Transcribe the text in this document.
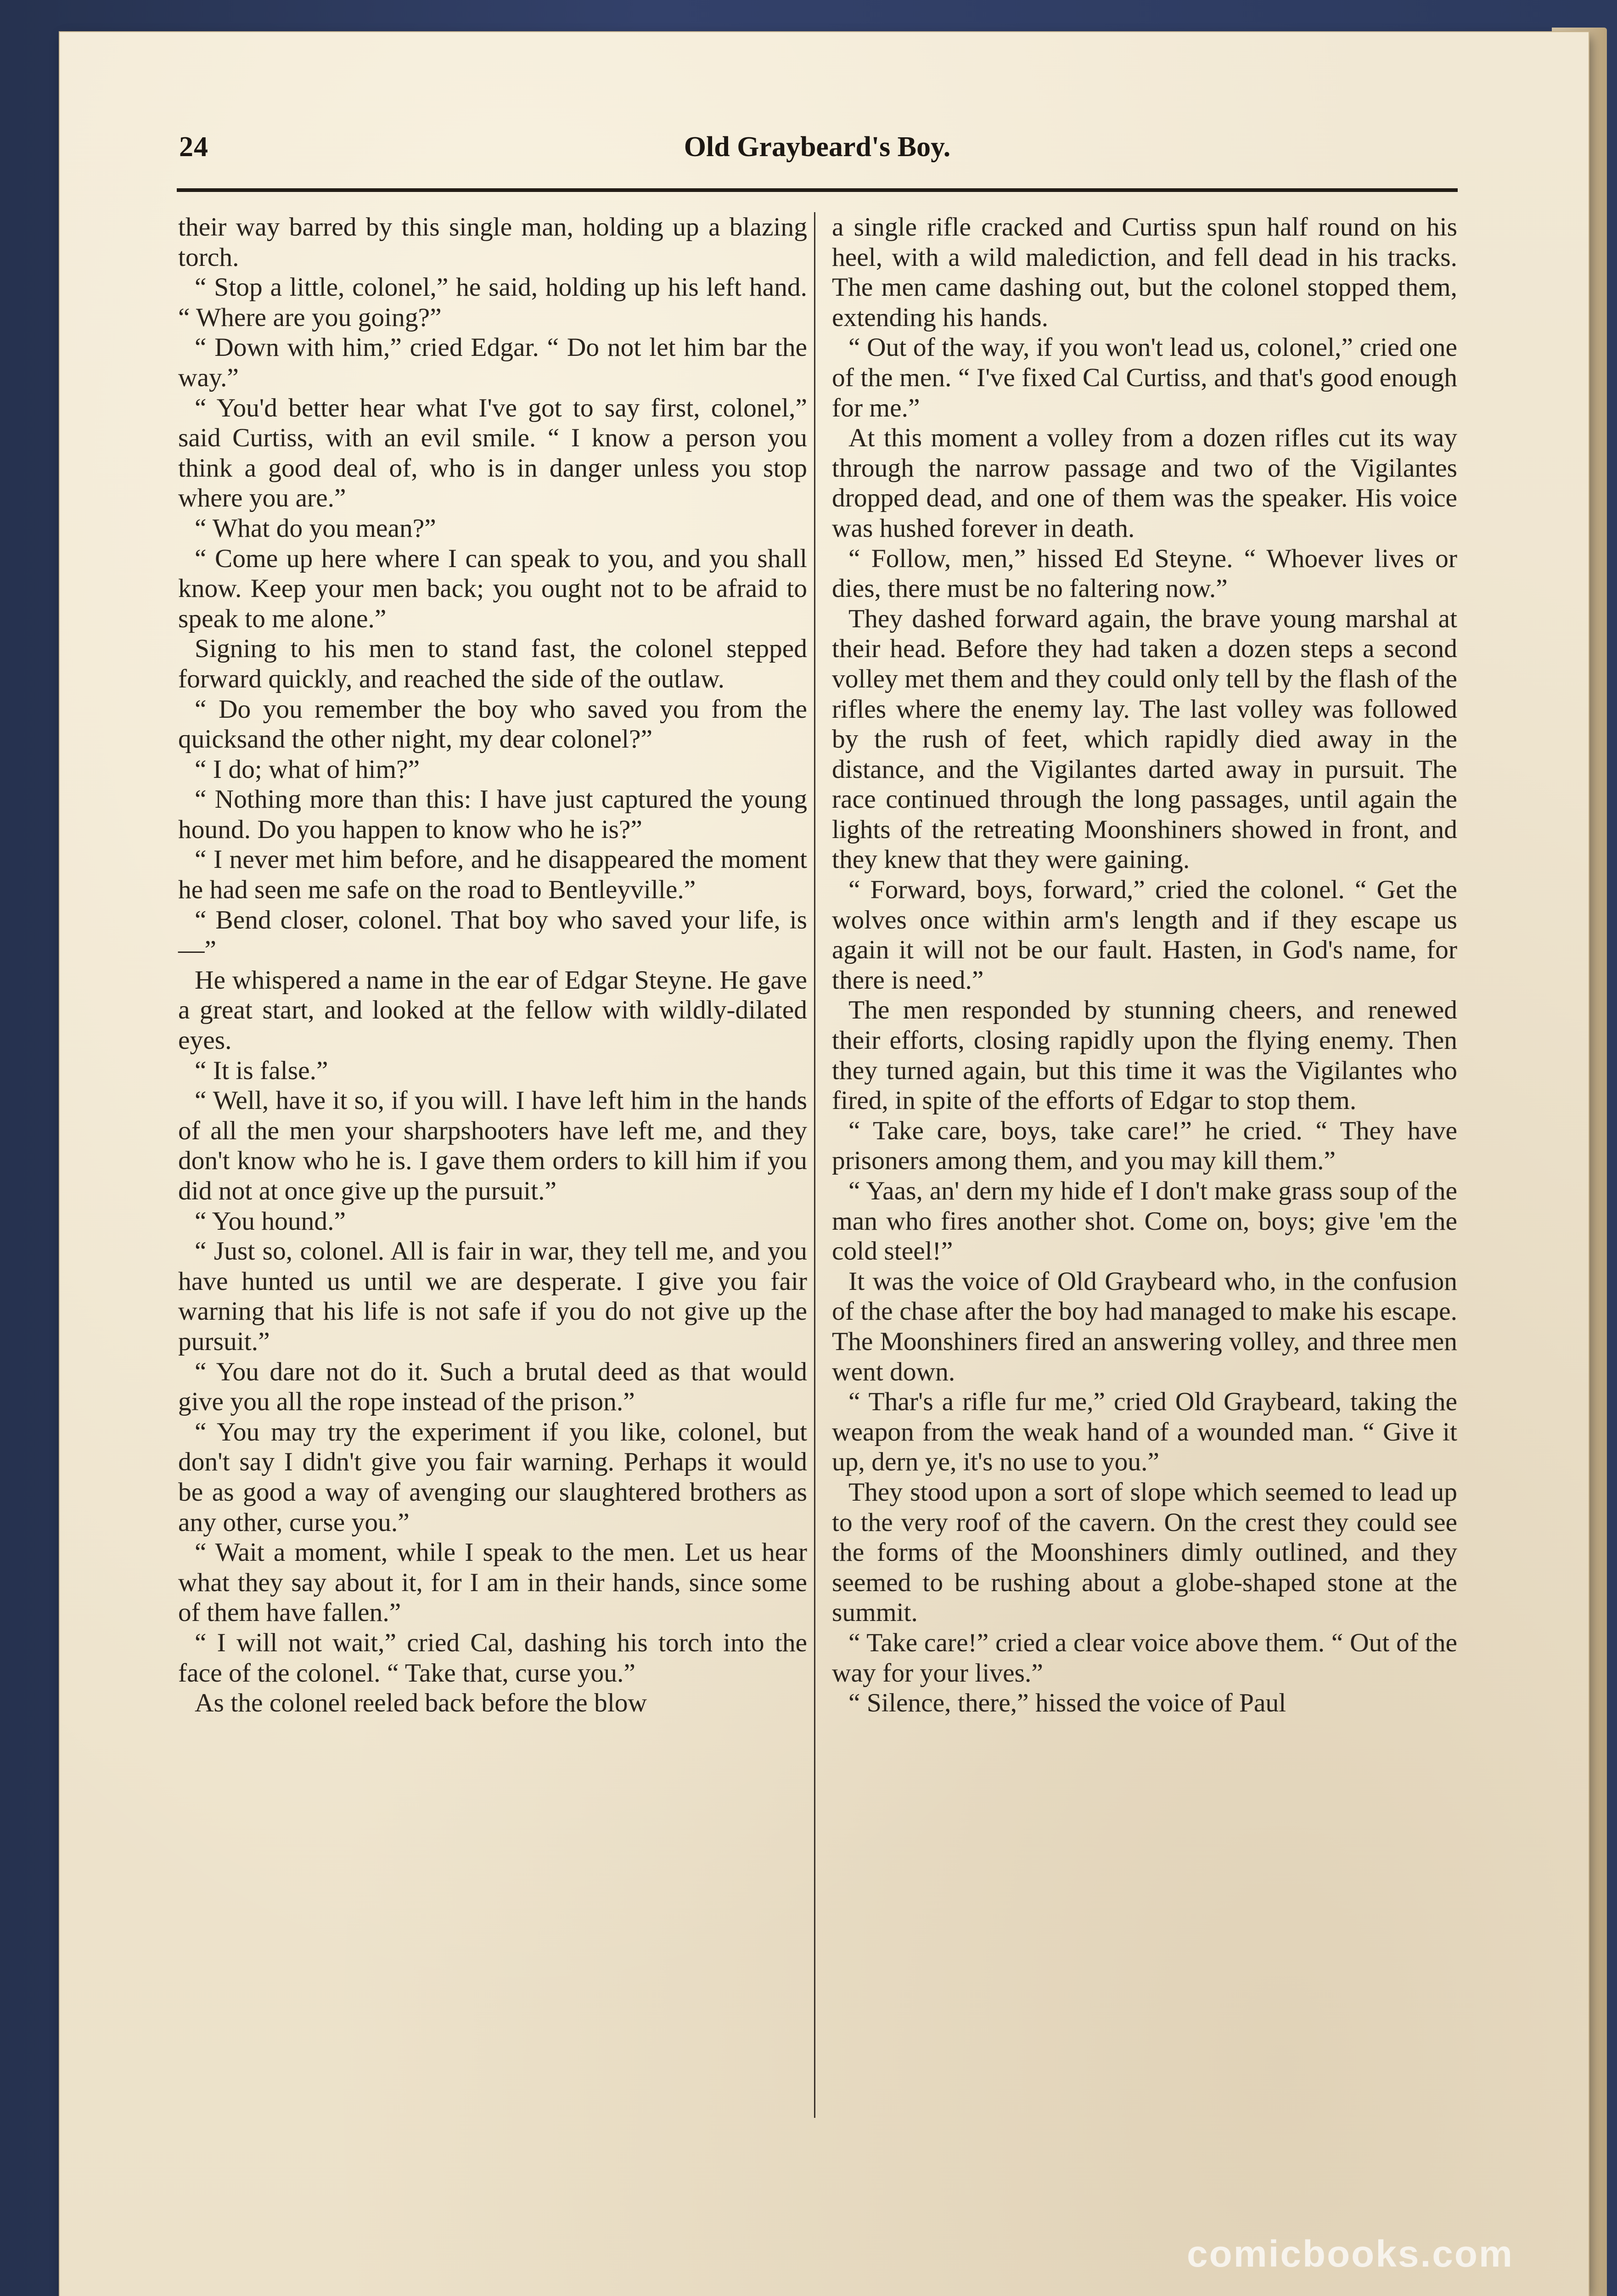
24	Old Graybeard's Boy.

their way barred by this single man, holding up a blazing torch.

“ Stop a little, colonel,” he said, holding up his left hand. “ Where are you going?”

“ Down with him,” cried Edgar. “ Do not let him bar the way.”

“ You'd better hear what I've got to say first, colonel,” said Curtiss, with an evil smile. “ I know a person you think a good deal of, who is in danger unless you stop where you are.”

“ What do you mean?”

“ Come up here where I can speak to you, and you shall know. Keep your men back; you ought not to be afraid to speak to me alone.”

Signing to his men to stand fast, the colonel stepped forward quickly, and reached the side of the outlaw.

“ Do you remember the boy who saved you from the quicksand the other night, my dear colonel?”

“ I do; what of him?”

“ Nothing more than this: I have just captured the young hound. Do you happen to know who he is?”

“ I never met him before, and he disappeared the moment he had seen me safe on the road to Bentleyville.”

“ Bend closer, colonel. That boy who saved your life, is—”

He whispered a name in the ear of Edgar Steyne. He gave a great start, and looked at the fellow with wildly-dilated eyes.

“ It is false.”

“ Well, have it so, if you will. I have left him in the hands of all the men your sharpshooters have left me, and they don't know who he is. I gave them orders to kill him if you did not at once give up the pursuit.”

“ You hound.”

“ Just so, colonel. All is fair in war, they tell me, and you have hunted us until we are desperate. I give you fair warning that his life is not safe if you do not give up the pursuit.”

“ You dare not do it. Such a brutal deed as that would give you all the rope instead of the prison.”

“ You may try the experiment if you like, colonel, but don't say I didn't give you fair warning. Perhaps it would be as good a way of avenging our slaughtered brothers as any other, curse you.”

“ Wait a moment, while I speak to the men. Let us hear what they say about it, for I am in their hands, since some of them have fallen.”

“ I will not wait,” cried Cal, dashing his torch into the face of the colonel. “ Take that, curse you.”

As the colonel reeled back before the blow

a single rifle cracked and Curtiss spun half round on his heel, with a wild malediction, and fell dead in his tracks. The men came dashing out, but the colonel stopped them, extending his hands.

“ Out of the way, if you won't lead us, colonel,” cried one of the men. “ I've fixed Cal Curtiss, and that's good enough for me.”

At this moment a volley from a dozen rifles cut its way through the narrow passage and two of the Vigilantes dropped dead, and one of them was the speaker. His voice was hushed forever in death.

“ Follow, men,” hissed Ed Steyne. “ Whoever lives or dies, there must be no faltering now.”

They dashed forward again, the brave young marshal at their head. Before they had taken a dozen steps a second volley met them and they could only tell by the flash of the rifles where the enemy lay. The last volley was followed by the rush of feet, which rapidly died away in the distance, and the Vigilantes darted away in pursuit. The race continued through the long passages, until again the lights of the retreating Moonshiners showed in front, and they knew that they were gaining.

“ Forward, boys, forward,” cried the colonel. “ Get the wolves once within arm's length and if they escape us again it will not be our fault. Hasten, in God's name, for there is need.”

The men responded by stunning cheers, and renewed their efforts, closing rapidly upon the flying enemy. Then they turned again, but this time it was the Vigilantes who fired, in spite of the efforts of Edgar to stop them.

“ Take care, boys, take care!” he cried. “ They have prisoners among them, and you may kill them.”

“ Yaas, an' dern my hide ef I don't make grass soup of the man who fires another shot. Come on, boys; give 'em the cold steel!”

It was the voice of Old Graybeard who, in the confusion of the chase after the boy had managed to make his escape. The Moonshiners fired an answering volley, and three men went down.

“ Thar's a rifle fur me,” cried Old Graybeard, taking the weapon from the weak hand of a wounded man. “ Give it up, dern ye, it's no use to you.”

They stood upon a sort of slope which seemed to lead up to the very roof of the cavern. On the crest they could see the forms of the Moonshiners dimly outlined, and they seemed to be rushing about a globe-shaped stone at the summit.

“ Take care!” cried a clear voice above them. “ Out of the way for your lives.”

“ Silence, there,” hissed the voice of Paul

comicbooks.com
